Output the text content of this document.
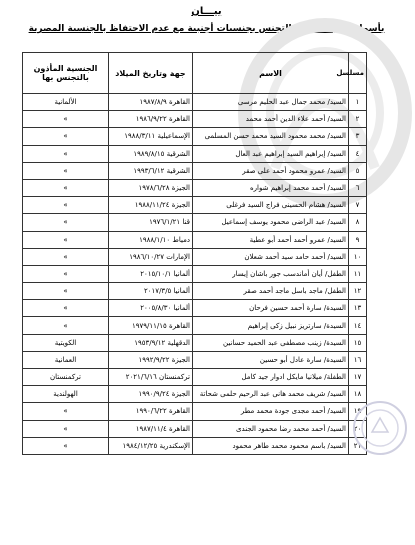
بيـــان
بأسماء طالبى الإذن بالتجنس بجنسيات أجنبية مع عدم الاحتفاظ بالجنسية المصرية
مسلسل	الاسم	جهة وتاريخ الميلاد	الجنسية المأذون بالتجنس بها
١	السيد/ محمد جمال عبد الحليم مرسى	القاهرة ١٩٨٧/٨/٩	الألمانية
٢	السيد/ أحمد علاء الدين أحمد محمد	القاهرة ١٩٨٦/٩/٢٢	»
٣	السيد/ محمد محمود السيد محمد حسن المسلمى	الإسماعيلية ١٩٨٨/٣/١١	»
٤	السيد/ إبراهيم السيد إبراهيم عبد العال	الشرقية ١٩٨٩/٨/١٥	»
٥	السيد/ عمرو محمود أحمد على صقر	الشرقية ١٩٩٣/٦/١٢	»
٦	السيد/ أحمد محمد إبراهيم شواره	الجيزة ١٩٧٨/٦/٢٨	»
٧	السيد/ هشام الحسينى فراج السيد فرغلى	الجيزة ١٩٨٨/١١/٢٤	»
٨	السيد/ عبد الراضى محمود يوسف إسماعيل	قنا ١٩٧٦/١/٢١	»
٩	السيد/ عمرو أحمد أحمد أبو عطية	دمياط ١٩٨٨/١/١٠	»
١٠	السيد/ أحمد حامد سيد أحمد شعلان	الإمارات ١٩٨٦/١٠/٢٧	»
١١	الطفل/ أيان أماندسب جور باشان إيسار	ألمانيا ٢٠١٥/١٠/١	»
١٢	الطفل/ ماجد باسل ماجد أحمد صقر	ألمانيا ٢٠١٧/٣/٥	»
١٣	السيدة/ سارة أحمد حسين فرحان	ألمانيا ٢٠٠٥/٨/٣٠	»
١٤	السيدة/ سارتريز نبيل زكى إبراهيم	القاهرة ١٩٧٩/١١/١٥	»
١٥	السيدة/ زينب مصطفى عبد الحميد حسانين	الدقهلية ١٩٥٣/٩/١٢	الكويتية
١٦	السيدة/ سارة عادل أبو حسين	الجيزة ١٩٩٢/٩/٢٢	العمانية
١٧	الطفلة/ ميلانيا مايكل ادوار جيد كامل	تركمنستان ٢٠٢١/٦/١٦	تركمنستان
١٨	السيد/ شريف محمد هانى عبد الرحيم حلمى شحاتة	الجيزة ١٩٩٠/٩/٢٤	الهولندية
١٩	السيد/ أحمد مجدى جودة محمد مطر	القاهرة ١٩٩٠/٦/٢٢	»
٢٠	السيد/ أحمد محمد رضا محمود الجندى	القاهرة ١٩٨٧/١١/٤	»
٢١	السيد/ باسم محمود محمد طاهر محمود	الإسكندرية ١٩٨٤/١٢/٢٥	»
